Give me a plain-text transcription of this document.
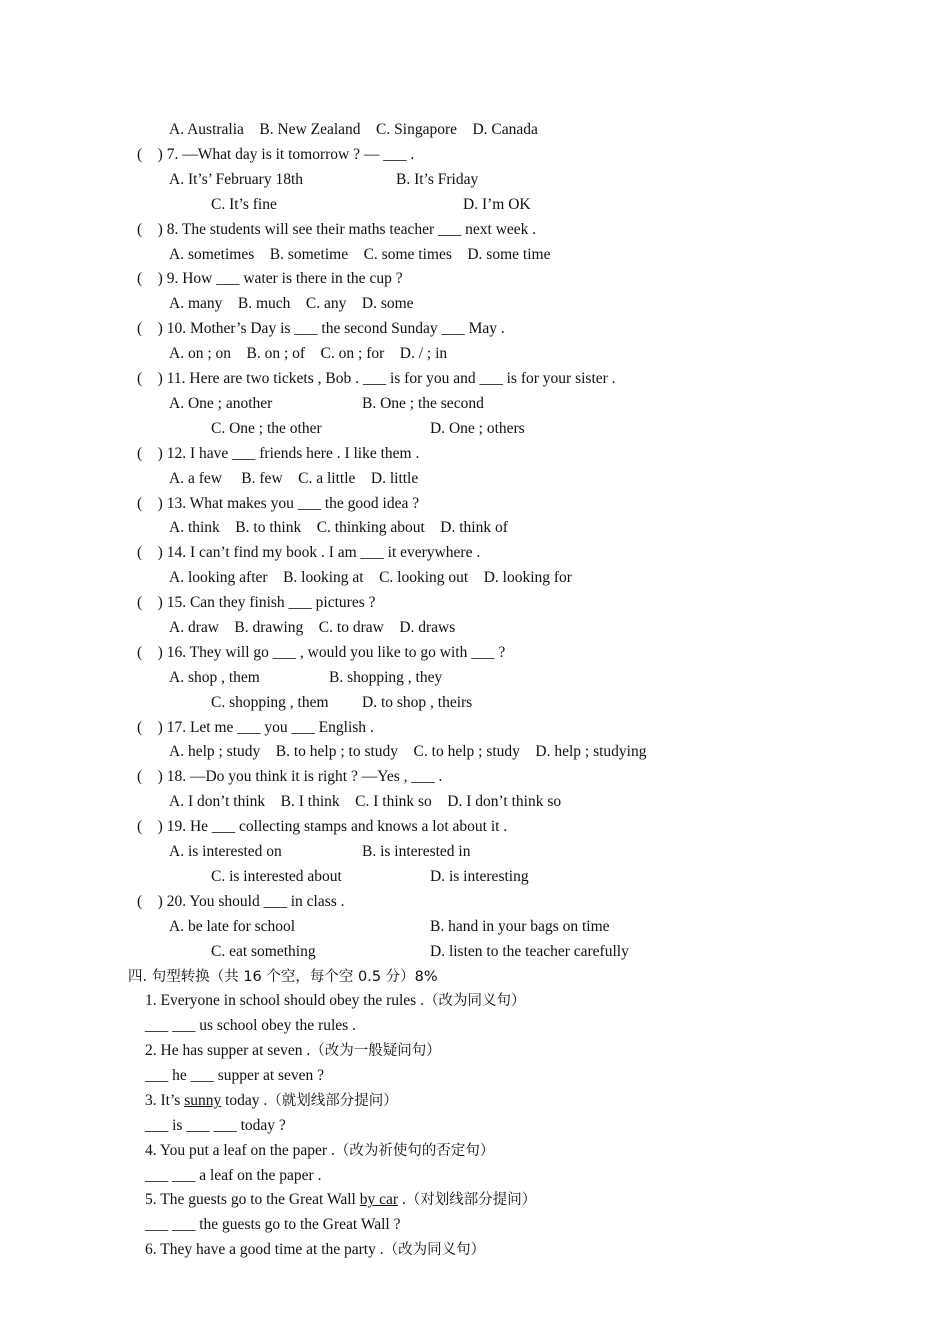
A. Australia    B. New Zealand    C. Singapore    D. Canada
(    ) 7. —What day is it tomorrow ? — ___ .
A. It’s’ February 18th	B. It’s Friday
C. It’s fine	D. I’m OK
(    ) 8. The students will see their maths teacher ___ next week .
A. sometimes    B. sometime    C. some times    D. some time
(    ) 9. How ___ water is there in the cup ?
A. many    B. much    C. any    D. some
(    ) 10. Mother’s Day is ___ the second Sunday ___ May .
A. on ; on    B. on ; of    C. on ; for    D. / ; in
(    ) 11. Here are two tickets , Bob . ___ is for you and ___ is for your sister .
A. One ; another	B. One ; the second
C. One ; the other	D. One ; others
(    ) 12. I have ___ friends here . I like them .
A. a few     B. few    C. a little    D. little
(    ) 13. What makes you ___ the good idea ?
A. think    B. to think    C. thinking about    D. think of
(    ) 14. I can’t find my book . I am ___ it everywhere .
A. looking after    B. looking at    C. looking out    D. looking for
(    ) 15. Can they finish ___ pictures ?
A. draw    B. drawing    C. to draw    D. draws
(    ) 16. They will go ___ , would you like to go with ___ ?
A. shop , them	B. shopping , they
C. shopping , them D. to shop , theirs
(    ) 17. Let me ___ you ___ English .
A. help ; study    B. to help ; to study    C. to help ; study    D. help ; studying
(    ) 18. —Do you think it is right ? —Yes , ___ .
A. I don’t think    B. I think    C. I think so    D. I don’t think so
(    ) 19. He ___ collecting stamps and knows a lot about it .
A. is interested on	B. is interested in
C. is interested about	D. is interesting
(    ) 20. You should ___ in class .
A. be late for school	B. hand in your bags on time
C. eat something	D. listen to the teacher carefully
四. 句型转换（共 16 个空，每个空 0.5 分）8%
1. Everyone in school should obey the rules .（改为同义句）
___ ___ us school obey the rules .
2. He has supper at seven .（改为一般疑问句）
___ he ___ supper at seven ?
3. It’s sunny today .（就划线部分提问）
___ is ___ ___ today ?
4. You put a leaf on the paper .（改为祈使句的否定句）
___ ___ a leaf on the paper .
5. The guests go to the Great Wall by car .（对划线部分提问）
___ ___ the guests go to the Great Wall ?
6. They have a good time at the party .（改为同义句）
